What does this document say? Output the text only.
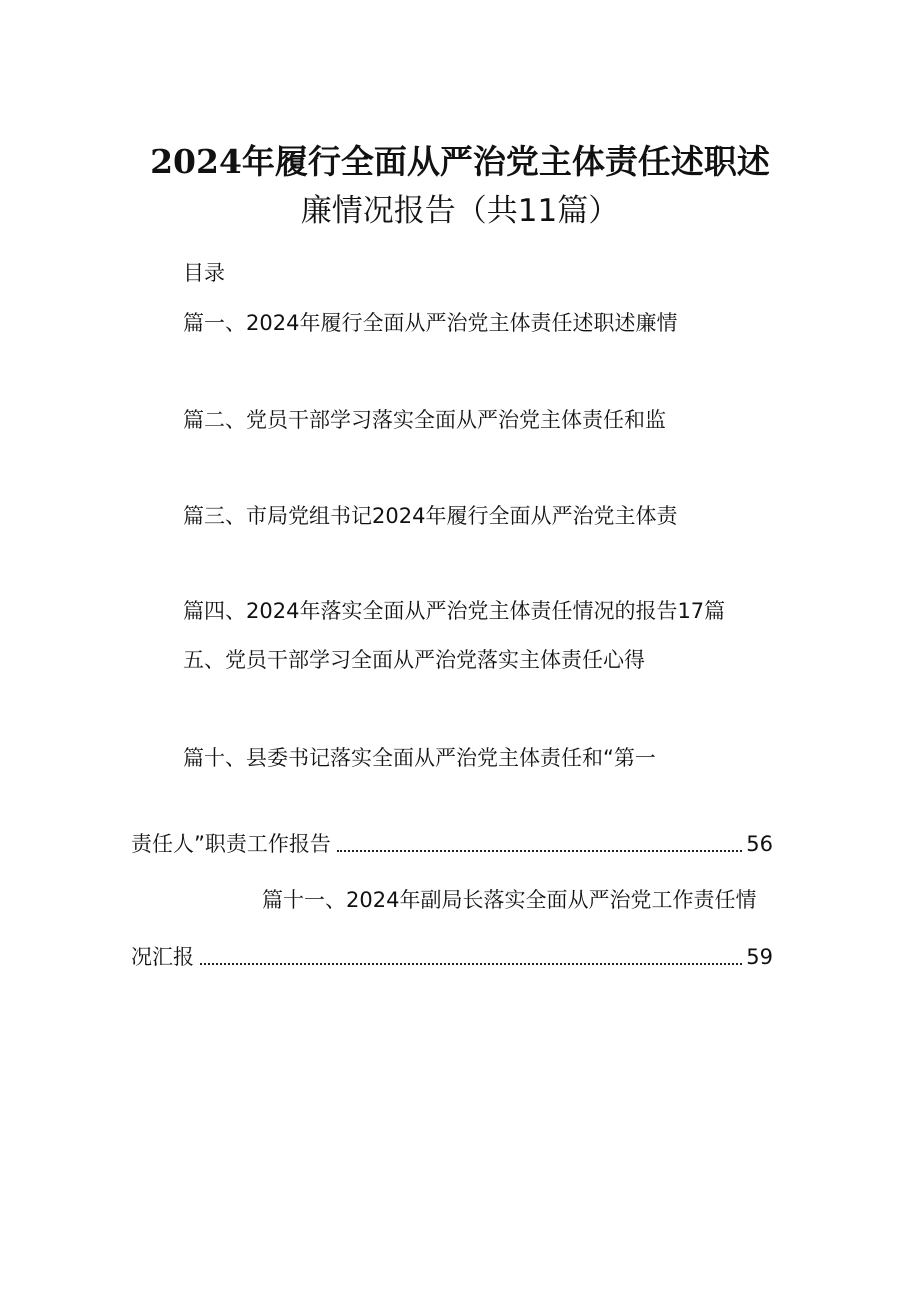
2024年履行全面从严治党主体责任述职述
廉情况报告（共11篇）
目录
篇一、2024年履行全面从严治党主体责任述职述廉情
篇二、党员干部学习落实全面从严治党主体责任和监
篇三、市局党组书记2024年履行全面从严治党主体责
篇四、2024年落实全面从严治党主体责任情况的报告17篇
五、党员干部学习全面从严治党落实主体责任心得
篇十、县委书记落实全面从严治党主体责任和“第一
责任人”职责工作报告	56
篇十一、2024年副局长落实全面从严治党工作责任情
况汇报	59
